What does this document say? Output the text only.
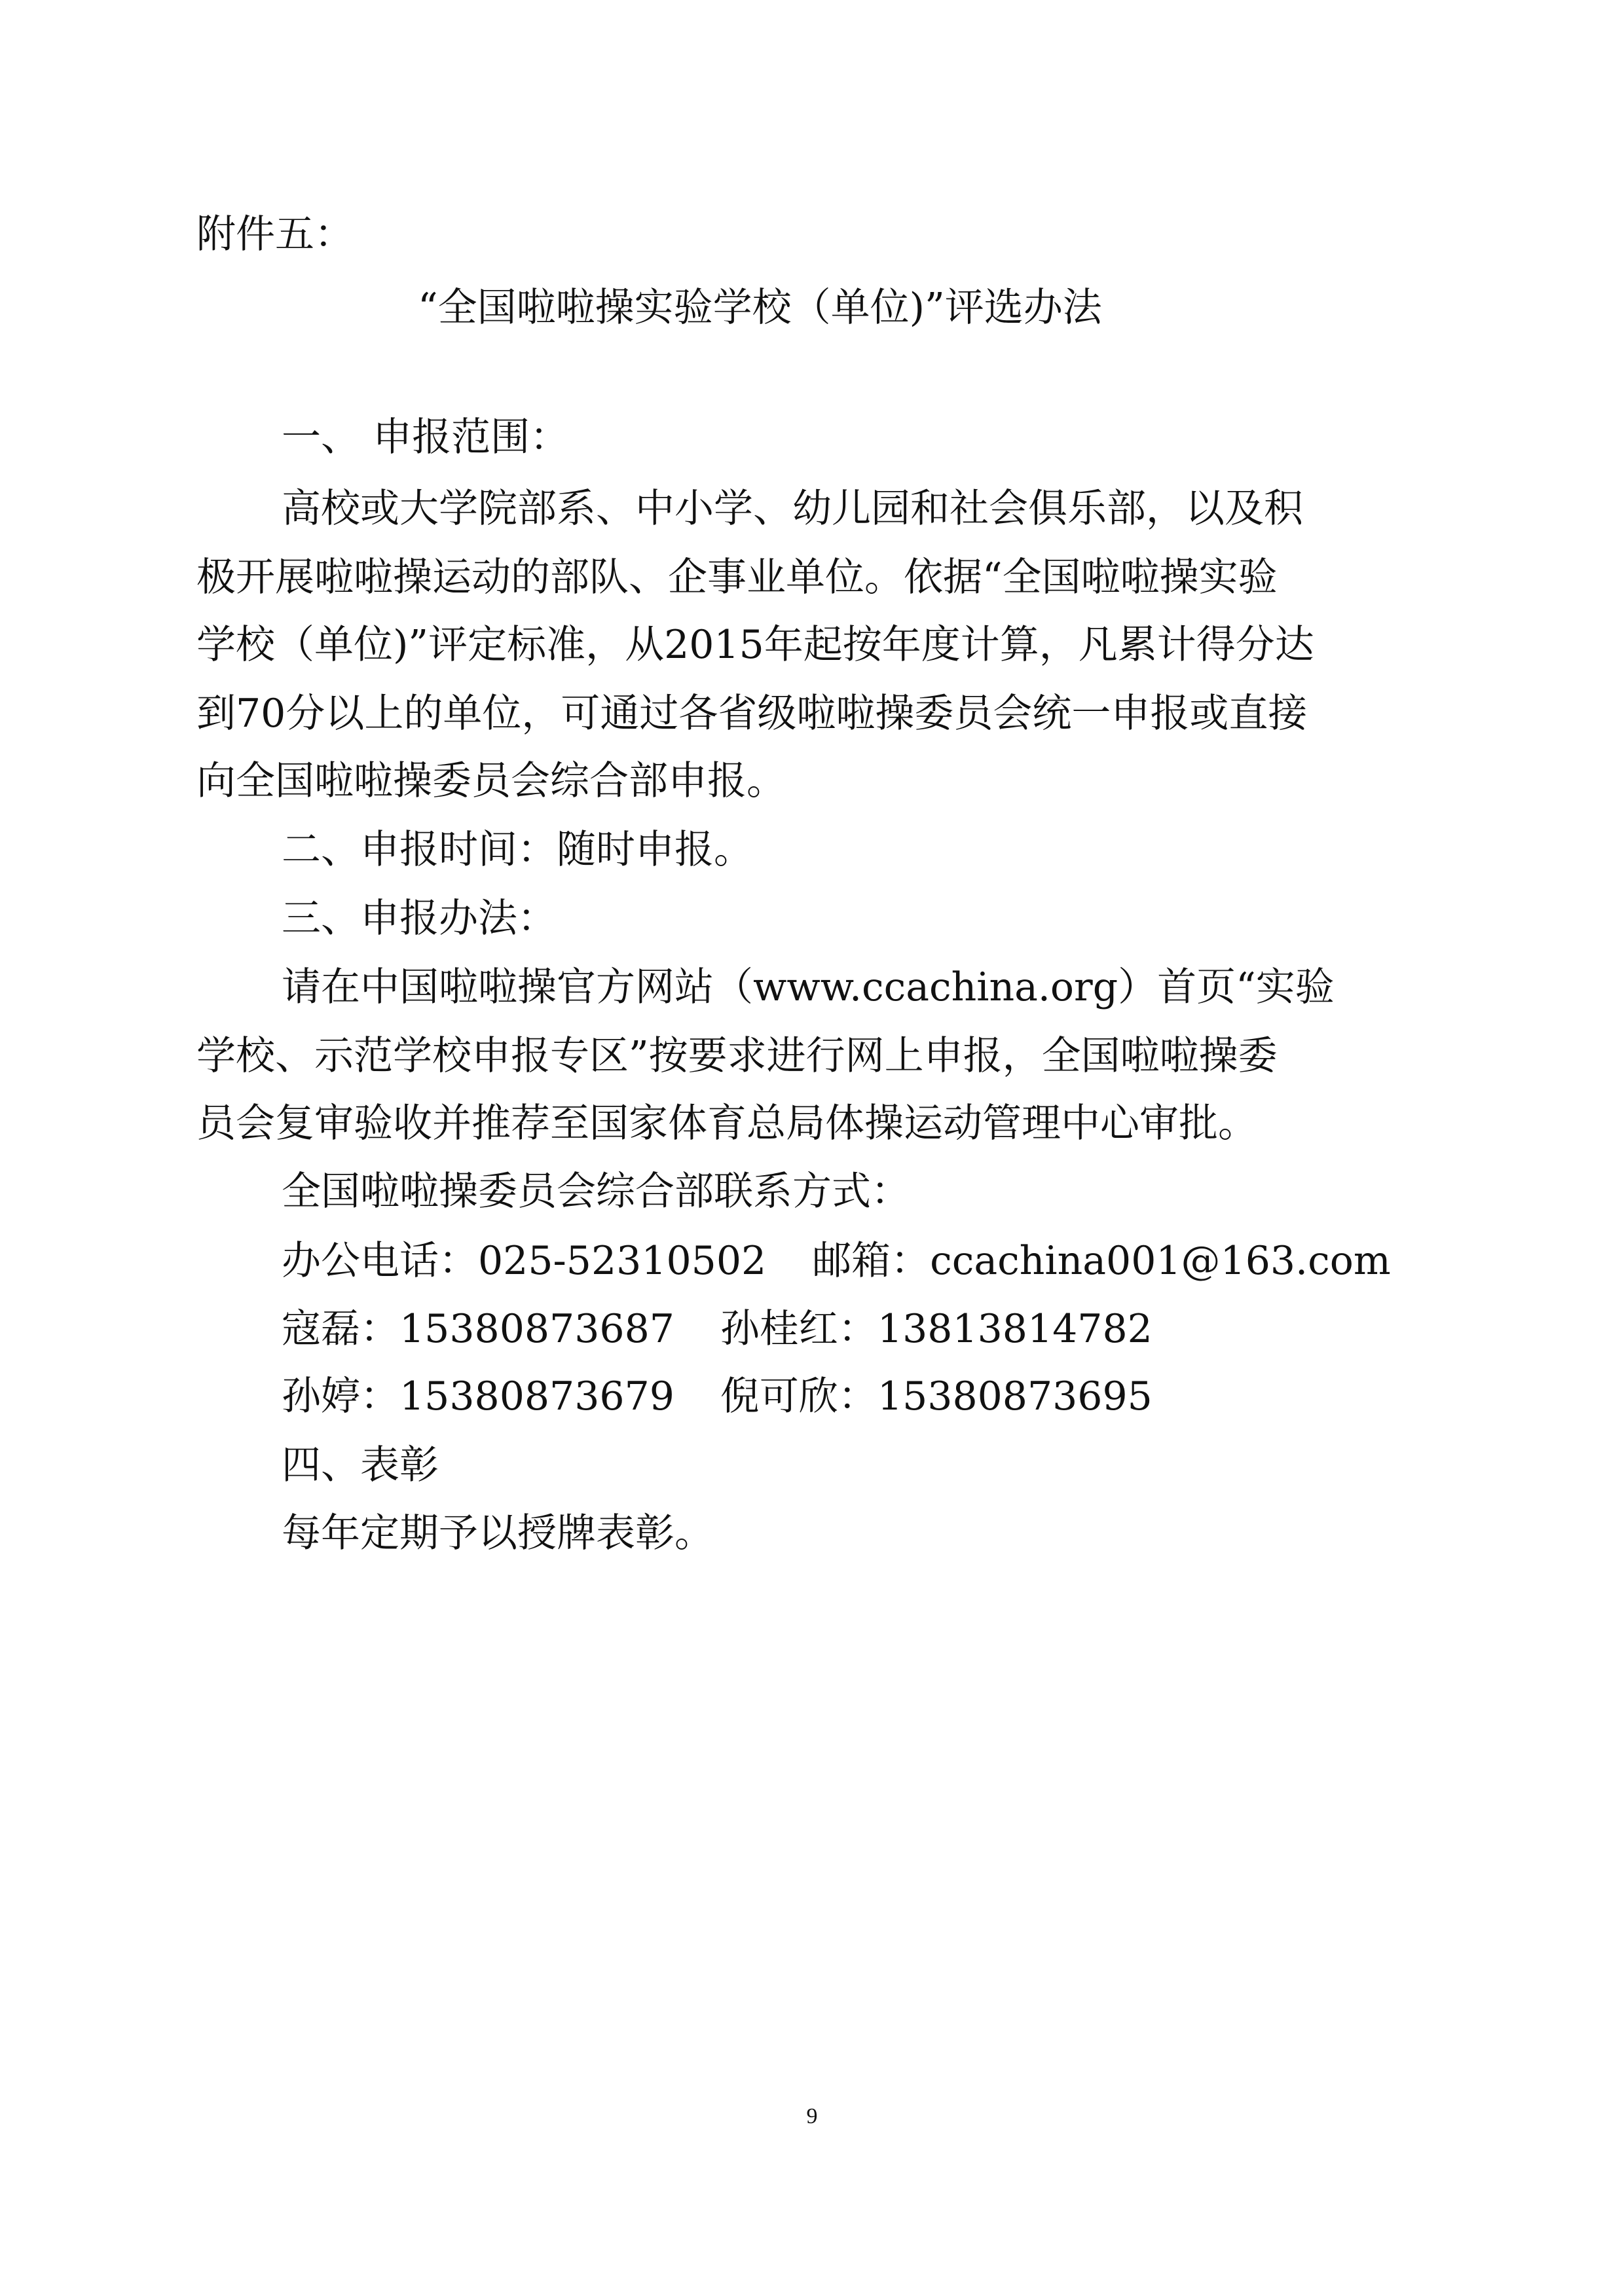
附件五：

“全国啦啦操实验学校（单位)”评选办法

一、 申报范围：

高校或大学院部系、中小学、幼儿园和社会俱乐部，以及积

极开展啦啦操运动的部队、企事业单位。依据“全国啦啦操实验

学校（单位)”评定标准，从2015年起按年度计算，凡累计得分达

到70分以上的单位，可通过各省级啦啦操委员会统一申报或直接

向全国啦啦操委员会综合部申报。

二、申报时间：随时申报。

三、申报办法：

请在中国啦啦操官方网站（www.ccachina.org）首页“实验

学校、示范学校申报专区”按要求进行网上申报，全国啦啦操委

员会复审验收并推荐至国家体育总局体操运动管理中心审批。

全国啦啦操委员会综合部联系方式：

办公电话：025-52310502 邮箱：ccachina001@163.com

寇磊：15380873687 孙桂红：13813814782

孙婷：15380873679 倪可欣：15380873695

四、表彰

每年定期予以授牌表彰。

9
